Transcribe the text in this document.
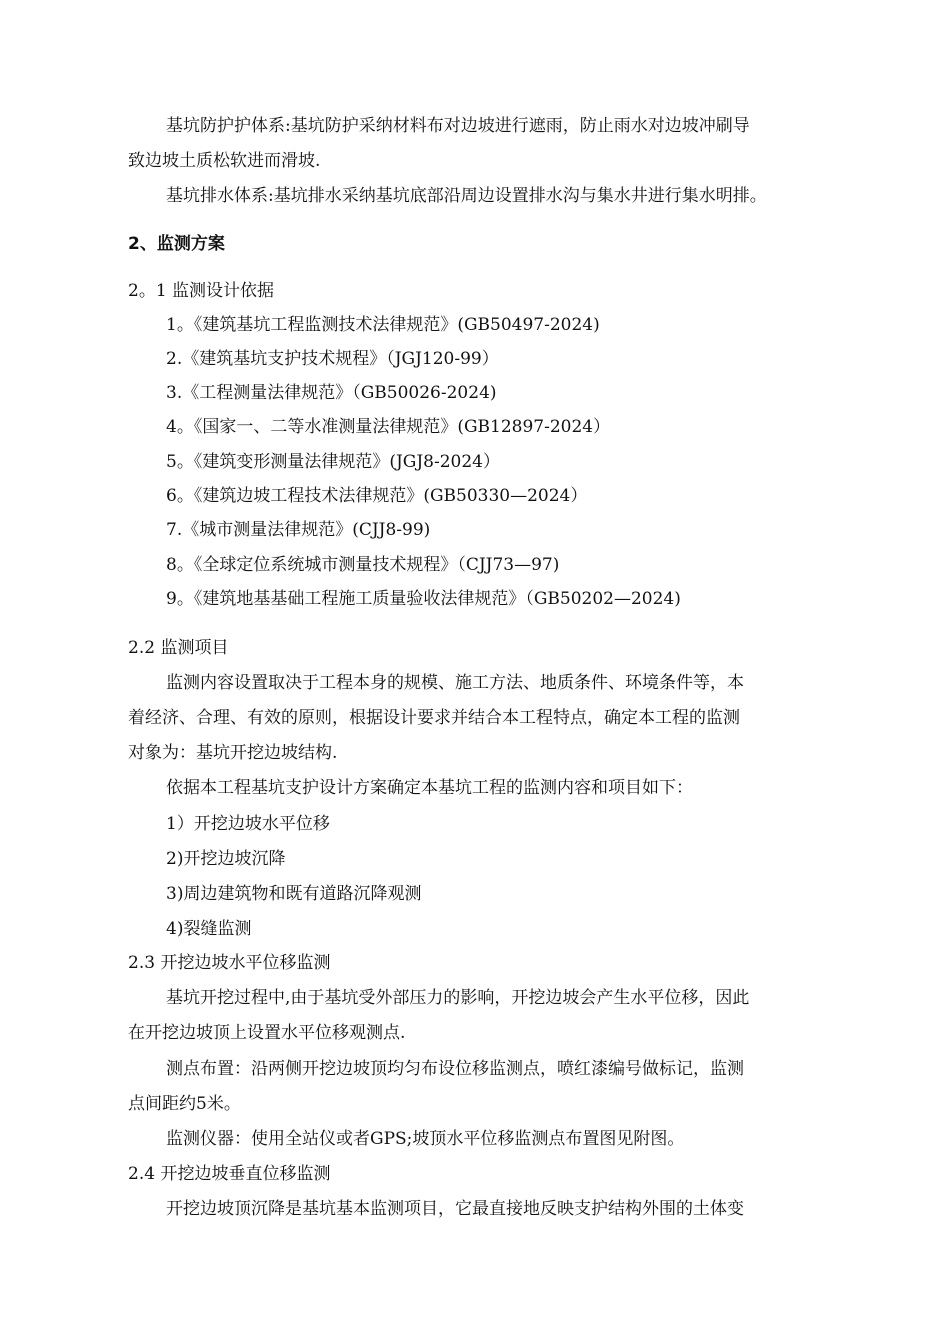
基坑防护护体系:基坑防护采纳材料布对边坡进行遮雨，防止雨水对边坡冲刷导
致边坡土质松软进而滑坡.
基坑排水体系:基坑排水采纳基坑底部沿周边设置排水沟与集水井进行集水明排。
2、监测方案
2。1 监测设计依据
1。《建筑基坑工程监测技术法律规范》(GB50497-2024)
2.《建筑基坑支护技术规程》（JGJ120-99）
3.《工程测量法律规范》（GB50026-2024)
4。《国家一、二等水准测量法律规范》(GB12897-2024）
5。《建筑变形测量法律规范》(JGJ8-2024）
6。《建筑边坡工程技术法律规范》(GB50330—2024）
7.《城市测量法律规范》(CJJ8-99)
8。《全球定位系统城市测量技术规程》（CJJ73—97)
9。《建筑地基基础工程施工质量验收法律规范》（GB50202—2024)
2.2 监测项目
监测内容设置取决于工程本身的规模、施工方法、地质条件、环境条件等，本
着经济、合理、有效的原则，根据设计要求并结合本工程特点，确定本工程的监测
对象为：基坑开挖边坡结构.
依据本工程基坑支护设计方案确定本基坑工程的监测内容和项目如下：
1）开挖边坡水平位移
2)开挖边坡沉降
3)周边建筑物和既有道路沉降观测
4)裂缝监测
2.3 开挖边坡水平位移监测
基坑开挖过程中,由于基坑受外部压力的影响，开挖边坡会产生水平位移，因此
在开挖边坡顶上设置水平位移观测点.
测点布置：沿两侧开挖边坡顶均匀布设位移监测点，喷红漆编号做标记，监测
点间距约5米。
监测仪器：使用全站仪或者GPS;坡顶水平位移监测点布置图见附图。
2.4 开挖边坡垂直位移监测
开挖边坡顶沉降是基坑基本监测项目，它最直接地反映支护结构外围的土体变
